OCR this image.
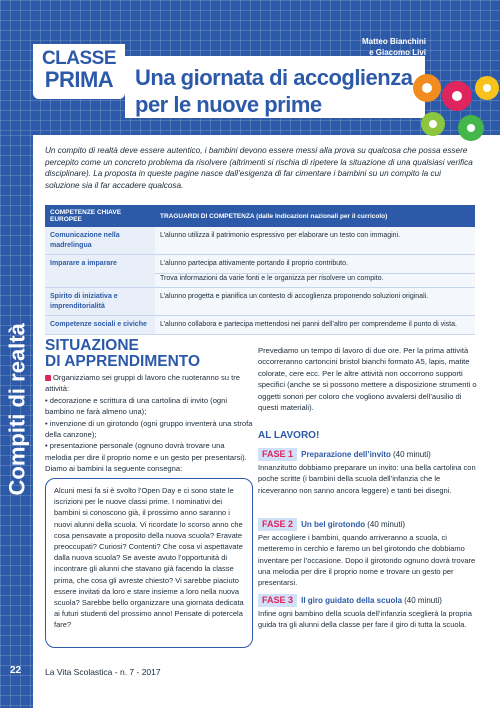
CLASSE
PRIMA Una giornata di accoglienza
per le nuove prime
Matteo Bianchini
e Giacomo Livi
Compiti di realtà
22
Un compito di realtà deve essere autentico, i bambini devono essere messi alla prova su qualcosa che possa essere percepito come un concreto problema da risolvere (altrimenti si rischia di ripetere la situazione di una qualsiasi verifica disciplinare). La proposta in queste pagine nasce dall’esigenza di far cimentare i bambini su un compito la cui soluzione sia il far accadere qualcosa.
COMPETENZE CHIAVE EUROPEE	TRAGUARDI DI COMPETENZA (dalle Indicazioni nazionali per il curricolo)
Comunicazione nella madrelingua	L’alunno utilizza il patrimonio espressivo per elaborare un testo con immagini.
Imparare a imparare	L’alunno partecipa attivamente portando il proprio contributo.
	Trova informazioni da varie fonti e le organizza per risolvere un compito.
Spirito di iniziativa e imprenditorialità	L’alunno progetta e pianifica un contesto di accoglienza proponendo soluzioni originali.
Competenze sociali e civiche	L’alunno collabora e partecipa mettendosi nei panni dell’altro per comprenderne il punto di vista.
SITUAZIONE
DI APPRENDIMENTO

Organizziamo sei gruppi di lavoro che ruoteranno su tre attività:

• decorazione e scrittura di una cartolina di invito (ogni bambino ne farà almeno una);

• invenzione di un girotondo (ogni gruppo inventerà una strofa della canzone);

• presentazione personale (ognuno dovrà trovare una melodia per dire il proprio nome e un gesto per presentarsi).

Diamo ai bambini la seguente consegna:

Alcuni mesi fa si è svolto l’Open Day e ci sono state le iscrizioni per le nuove classi prime. I nominativi dei bambini si conoscono già, il prossimo anno saranno i nuovi alunni della scuola. Vi ricordate lo scorso anno che cosa pensavate a proposito della nuova scuola? Eravate preoccupati? Curiosi? Contenti? Che cosa vi aspettavate dalla nuova scuola? Se aveste avuto l’opportunità di incontrare gli alunni che stavano già facendo la classe prima, che cosa gli avreste chiesto? Vi sarebbe piaciuto essere invitati da loro e stare insieme a loro nella nuova scuola? Sarebbe bello organizzare una giornata dedicata ai futuri studenti del prossimo anno! Pensate di potercela fare?
Prevediamo un tempo di lavoro di due ore. Per la prima attività occorreranno cartoncini bristol bianchi formato A5, lapis, matite colorate, cere ecc. Per le altre attività non occorrono supporti specifici (anche se si possono mettere a disposizione strumenti o oggetti sonori per coloro che vogliono avvalersi dell’ausilio di questi materiali).
AL LAVORO!
FASE 1 Preparazione dell’invito (40 minuti)
Innanzitutto dobbiamo preparare un invito: una bella cartolina con poche scritte (i bambini della scuola dell’infanzia che le riceveranno non sanno ancora leggere) e tanti bei disegni.
FASE 2 Un bel girotondo (40 minuti)
Per accogliere i bambini, quando arriveranno a scuola, ci metteremo in cerchio e faremo un bel girotondo che dobbiamo inventare per l’occasione. Dopo il girotondo ognuno dovrà trovare una melodia per dire il proprio nome e trovare un gesto per presentarsi.
FASE 3 Il giro guidato della scuola (40 minuti)
Infine ogni bambino della scuola dell’infanzia sceglierà la propria guida tra gli alunni della classe per fare il giro di tutta la scuola.
La Vita Scolastica - n. 7 - 2017
